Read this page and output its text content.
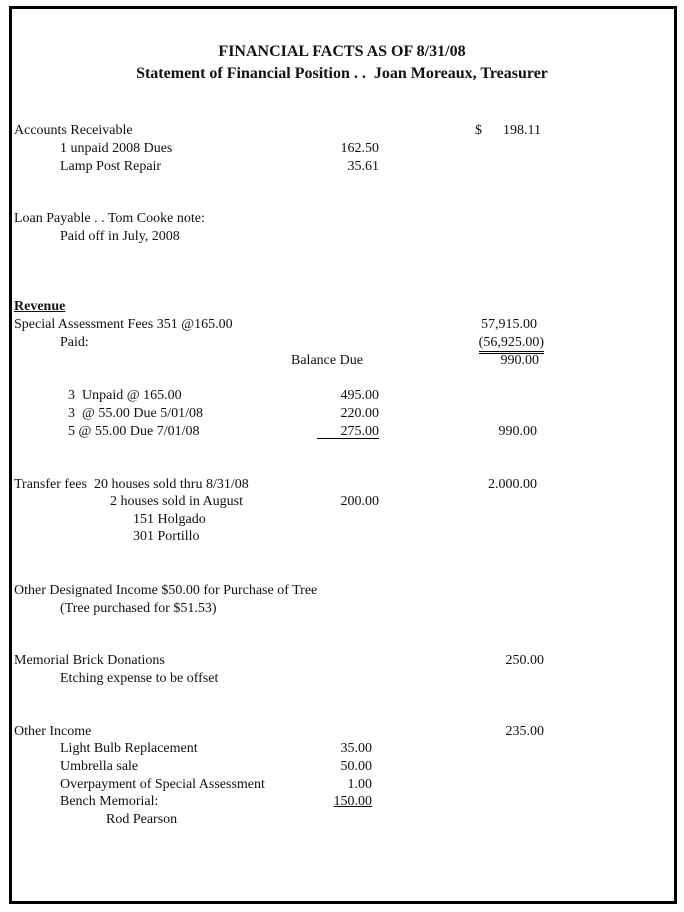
FINANCIAL FACTS AS OF 8/31/08
Statement of Financial Position . .  Joan Moreaux, Treasurer
Accounts Receivable	$	198.11
1 unpaid 2008 Dues	162.50
Lamp Post Repair	35.61
Loan Payable . . Tom Cooke note:
Paid off in July, 2008
Revenue
Special Assessment Fees 351 @165.00	57,915.00
Paid:	(56,925.00)
Balance Due	990.00
3  Unpaid @ 165.00	495.00
3  @ 55.00 Due 5/01/08	220.00
5 @ 55.00 Due 7/01/08	275.00	990.00
Transfer fees  20 houses sold thru 8/31/08	2.000.00
2 houses sold in August	200.00
151 Holgado
301 Portillo
Other Designated Income $50.00 for Purchase of Tree
(Tree purchased for $51.53)
Memorial Brick Donations	250.00
Etching expense to be offset
Other Income	235.00
Light Bulb Replacement	35.00
Umbrella sale	50.00
Overpayment of Special Assessment	1.00
Bench Memorial:	150.00
Rod Pearson
